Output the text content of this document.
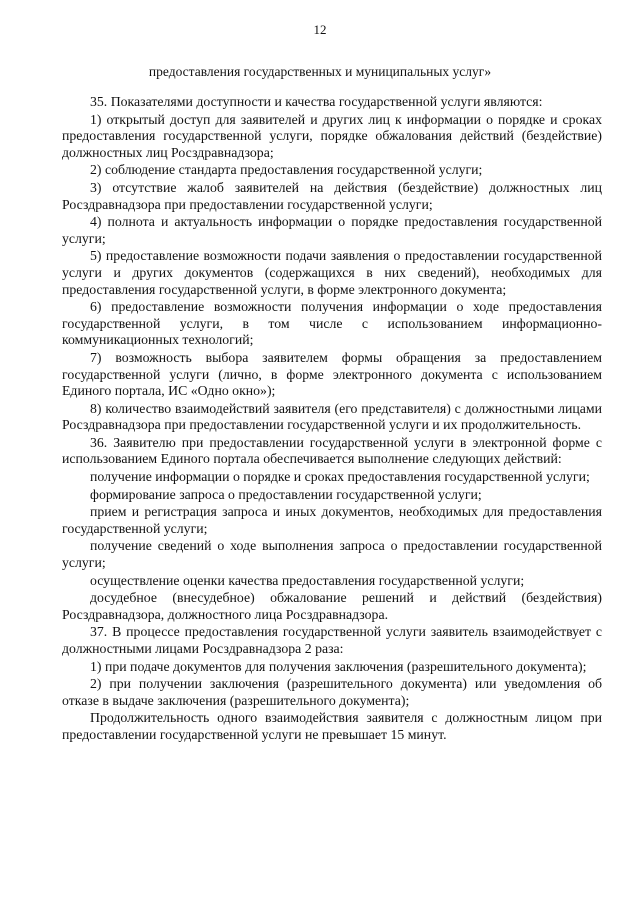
12
предоставления государственных и муниципальных услуг»

35. Показателями доступности и качества государственной услуги являются:

1) открытый доступ для заявителей и других лиц к информации о порядке и сроках предоставления государственной услуги, порядке обжалования действий (бездействие) должностных лиц Росздравнадзора;

2) соблюдение стандарта предоставления государственной услуги;

3) отсутствие жалоб заявителей на действия (бездействие) должностных лиц Росздравнадзора при предоставлении государственной услуги;

4) полнота и актуальность информации о порядке предоставления государственной услуги;

5) предоставление возможности подачи заявления о предоставлении государственной услуги и других документов (содержащихся в них сведений), необходимых для предоставления государственной услуги, в форме электронного документа;

6) предоставление возможности получения информации о ходе предоставления государственной услуги, в том числе с использованием информационно-коммуникационных технологий;

7) возможность выбора заявителем формы обращения за предоставлением государственной услуги (лично, в форме электронного документа с использованием Единого портала, ИС «Одно окно»);

8) количество взаимодействий заявителя (его представителя) с должностными лицами Росздравнадзора при предоставлении государственной услуги и их продолжительность.

36. Заявителю при предоставлении государственной услуги в электронной форме с использованием Единого портала обеспечивается выполнение следующих действий:

получение информации о порядке и сроках предоставления государственной услуги;

формирование запроса о предоставлении государственной услуги;

прием и регистрация запроса и иных документов, необходимых для предоставления государственной услуги;

получение сведений о ходе выполнения запроса о предоставлении государственной услуги;

осуществление оценки качества предоставления государственной услуги;

досудебное (внесудебное) обжалование решений и действий (бездействия) Росздравнадзора, должностного лица Росздравнадзора.

37. В процессе предоставления государственной услуги заявитель взаимодействует с должностными лицами Росздравнадзора 2 раза:

1) при подаче документов для получения заключения (разрешительного документа);

2) при получении заключения (разрешительного документа) или уведомления об отказе в выдаче заключения (разрешительного документа);

Продолжительность одного взаимодействия заявителя с должностным лицом при предоставлении государственной услуги не превышает 15 минут.
